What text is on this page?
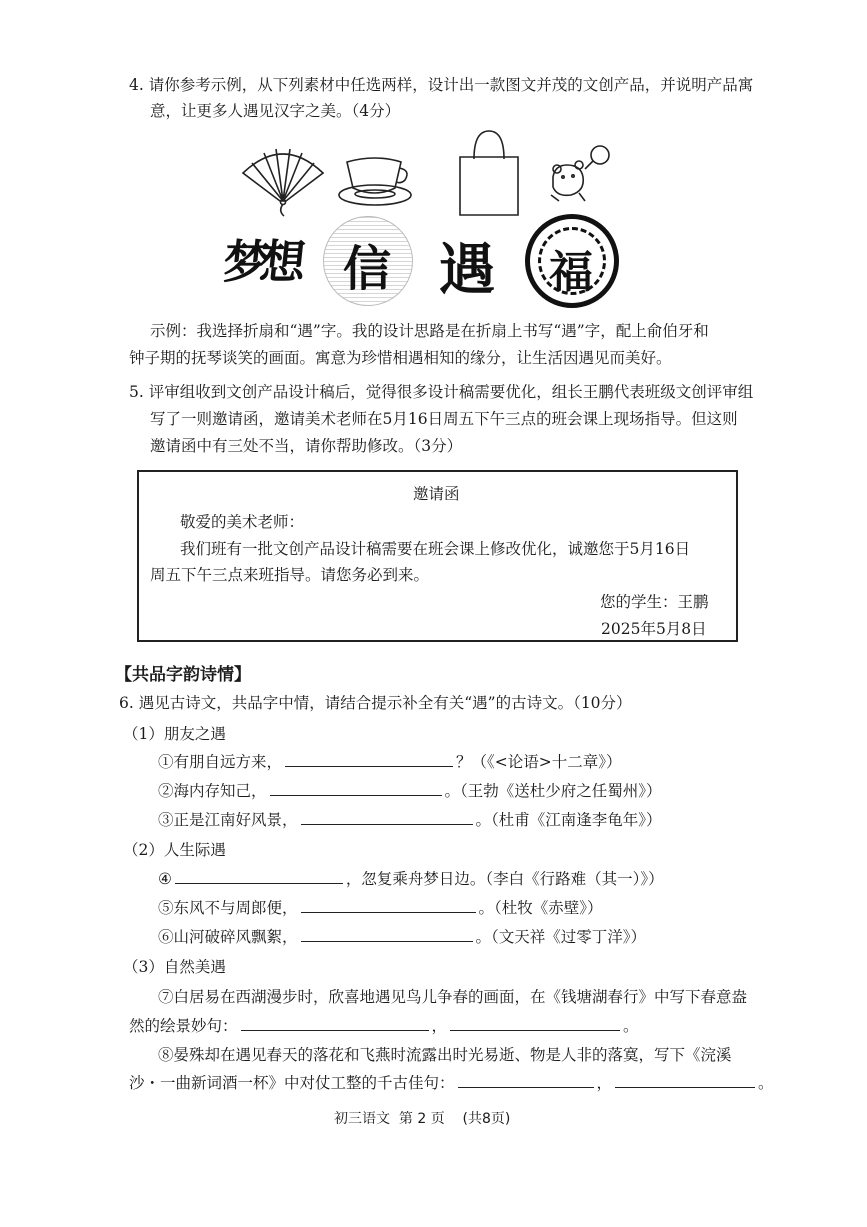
4. 请你参考示例，从下列素材中任选两样，设计出一款图文并茂的文创产品，并说明产品寓
意，让更多人遇见汉字之美。（4分）
梦想 信 遇 福
示例：我选择折扇和“遇”字。我的设计思路是在折扇上书写“遇”字，配上俞伯牙和
钟子期的抚琴谈笑的画面。寓意为珍惜相遇相知的缘分，让生活因遇见而美好。
5. 评审组收到文创产品设计稿后，觉得很多设计稿需要优化，组长王鹏代表班级文创评审组
写了一则邀请函，邀请美术老师在5月16日周五下午三点的班会课上现场指导。但这则
邀请函中有三处不当，请你帮助修改。（3分）
邀请函
敬爱的美术老师：
我们班有一批文创产品设计稿需要在班会课上修改优化，诚邀您于5月16日
周五下午三点来班指导。请您务必到来。
您的学生：王鹏
2025年5月8日
【共品字韵诗情】
6. 遇见古诗文，共品字中情，请结合提示补全有关“遇”的古诗文。（10分）
（1）朋友之遇
①有朋自远方来，	？（《<论语>十二章》）
②海内存知己，	。（王勃《送杜少府之任蜀州》）
③正是江南好风景，	。（杜甫《江南逢李龟年》）
（2）人生际遇
④	，忽复乘舟梦日边。（李白《行路难（其一）》）
⑤东风不与周郎便，	。（杜牧《赤壁》）
⑥山河破碎风飘絮，	。（文天祥《过零丁洋》）
（3）自然美遇
⑦白居易在西湖漫步时，欣喜地遇见鸟儿争春的画面，在《钱塘湖春行》中写下春意盎
然的绘景妙句：	，	。
⑧晏殊却在遇见春天的落花和飞燕时流露出时光易逝、物是人非的落寞，写下《浣溪
沙・一曲新词酒一杯》中对仗工整的千古佳句：	，	。
初三语文  第 2 页    (共8页)
